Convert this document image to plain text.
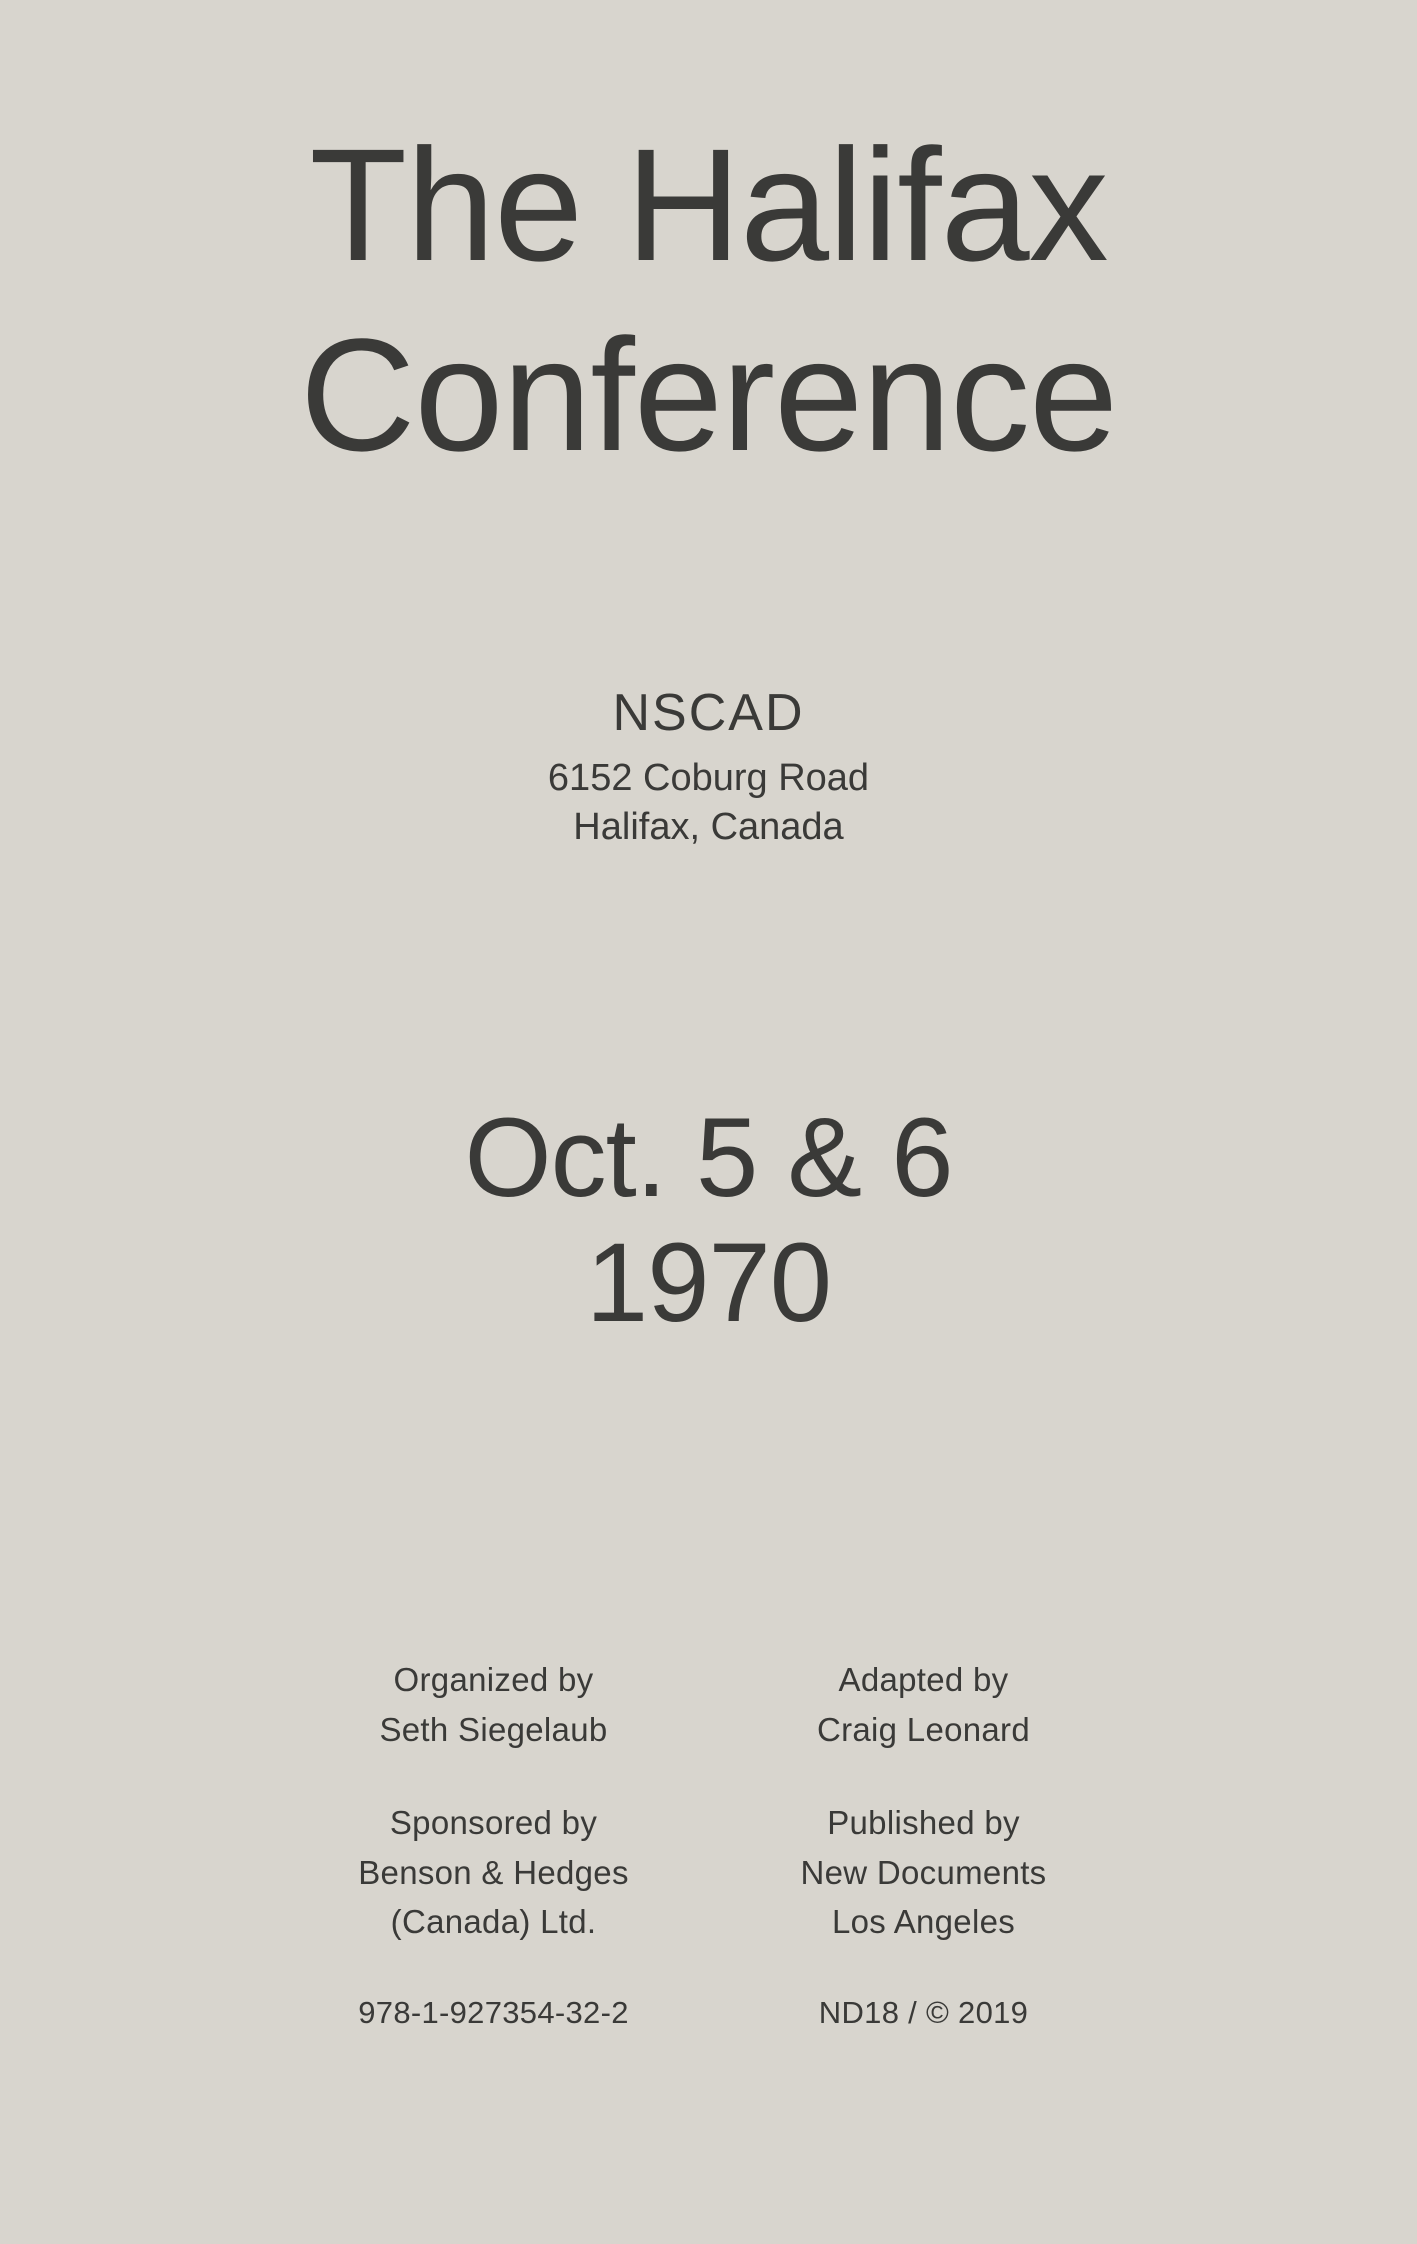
The Halifax
Conference

NSCAD

6152 Coburg Road

Halifax, Canada

Oct. 5 & 6

1970

Organized by

Seth Siegelaub

Sponsored by

Benson & Hedges

(Canada) Ltd.

978-1-927354-32-2

Adapted by

Craig Leonard

Published by

New Documents

Los Angeles

ND18 / © 2019
